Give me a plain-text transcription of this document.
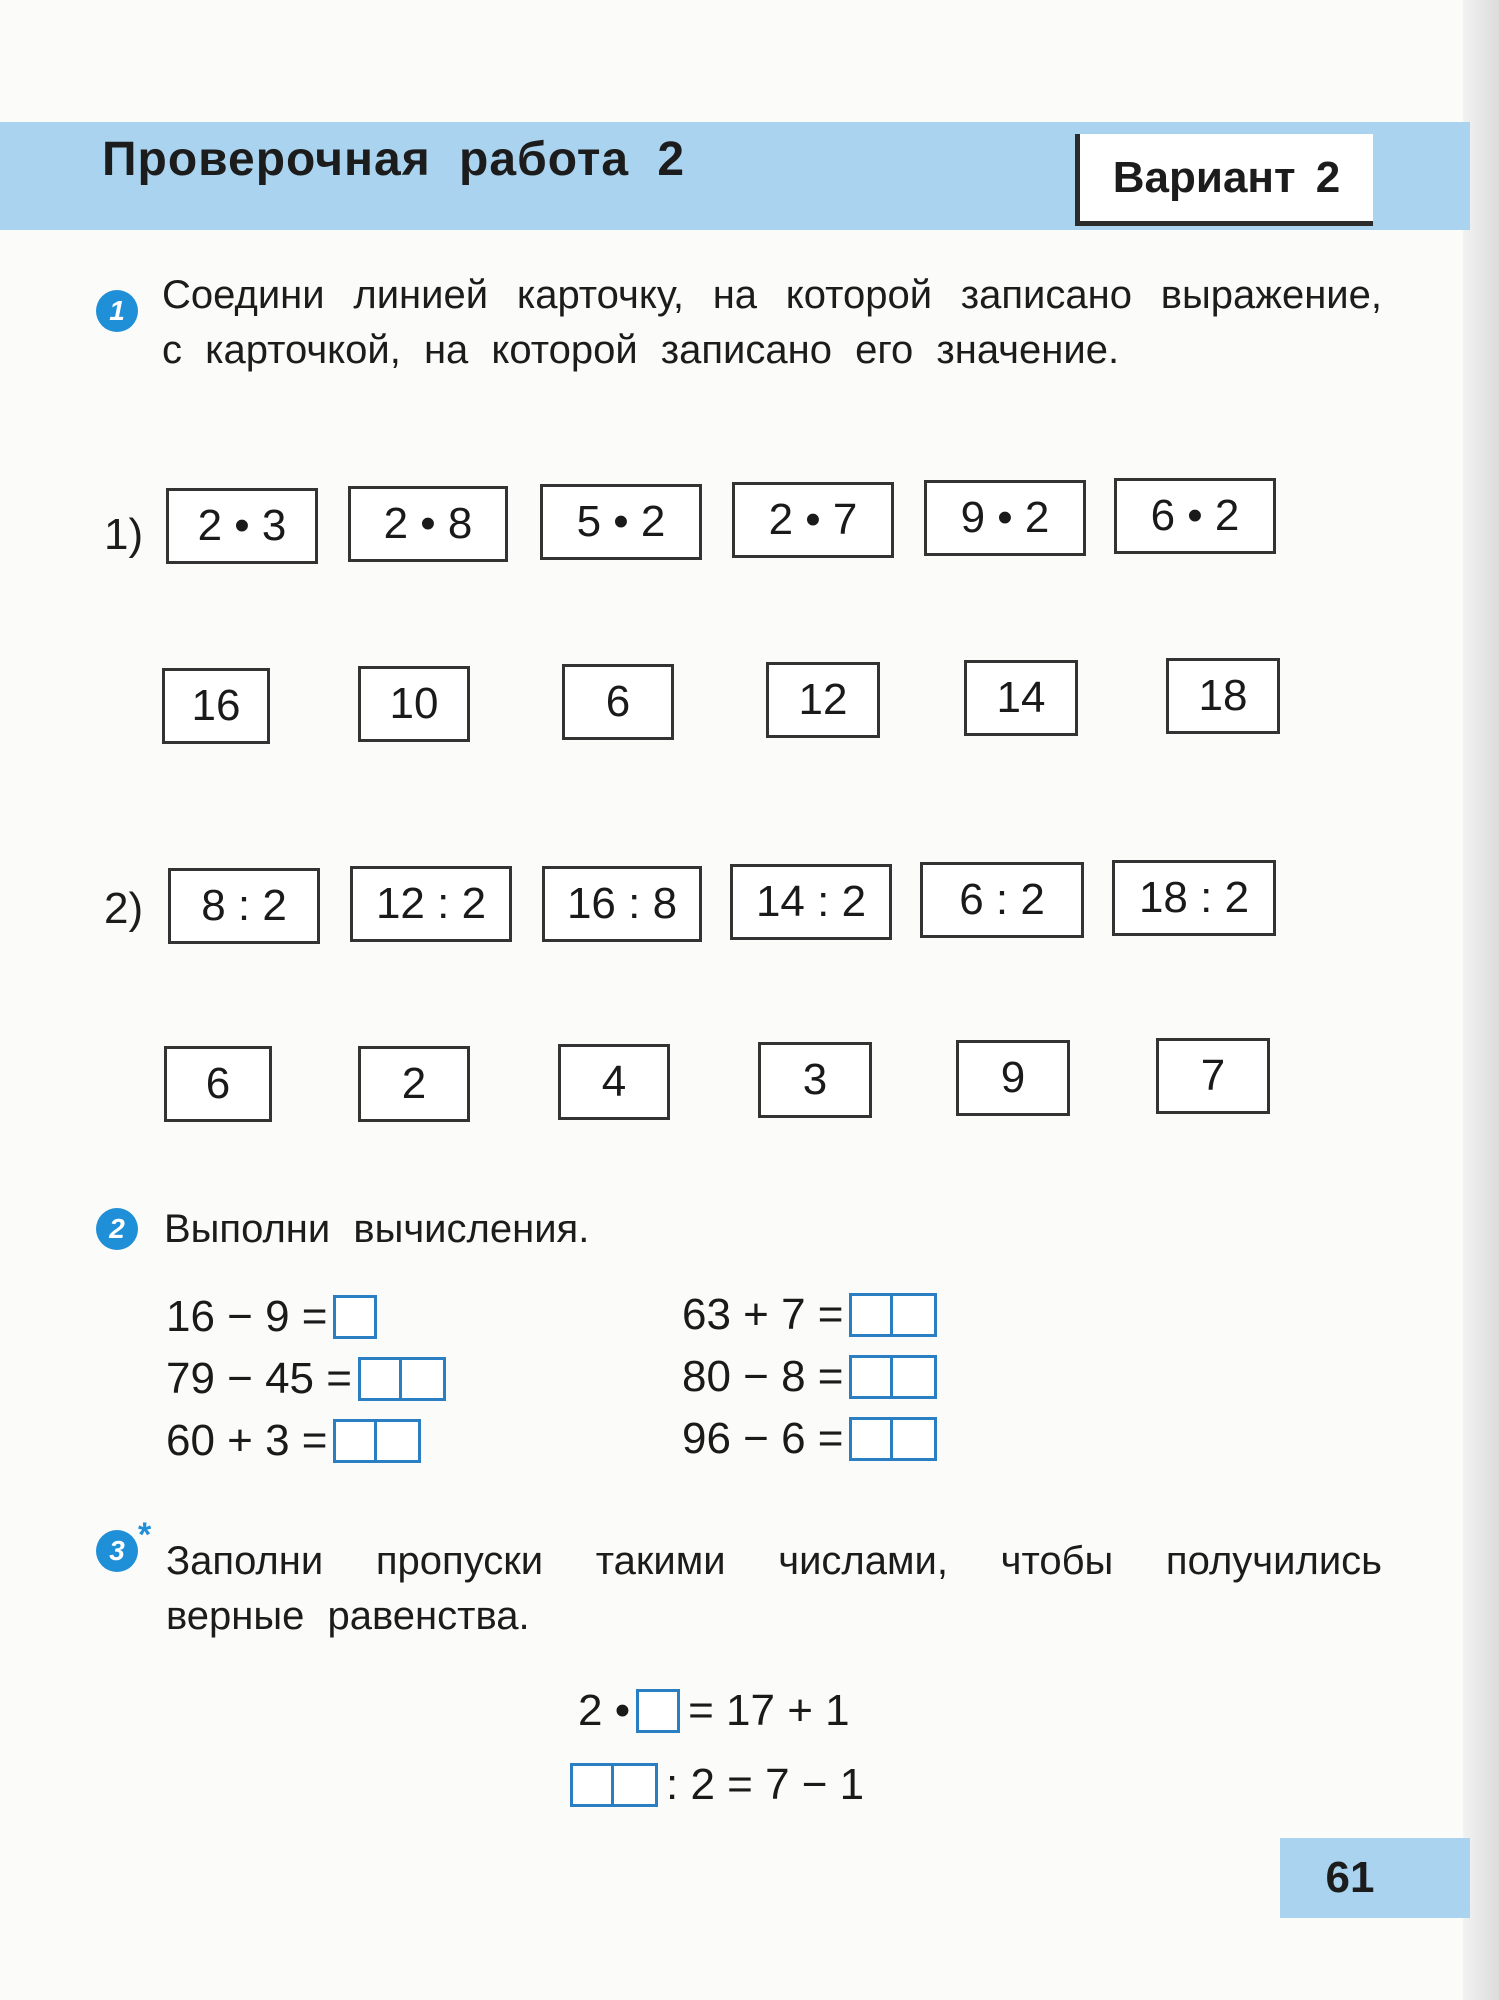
Проверочная работа 2	Вариант 2
1 Соедини линией карточку, на которой записано выражение, с карточкой, на которой записано его значение.
1)	2 • 3	2 • 8	5 • 2	2 • 7	9 • 2	6 • 2
16	10	6	12	14	18
2)	8 : 2	12 : 2	16 : 8	14 : 2	6 : 2	18 : 2
6	2	4	3	9	7
2 Выполни вычисления.
16 − 9 =
79 − 45 =
60 + 3 =
63 + 7 =
80 − 8 =
96 − 6 =
3 *
Заполни пропуски такими числами, чтобы получились верные равенства.
2 • = 17 + 1
: 2 = 7 − 1
61
